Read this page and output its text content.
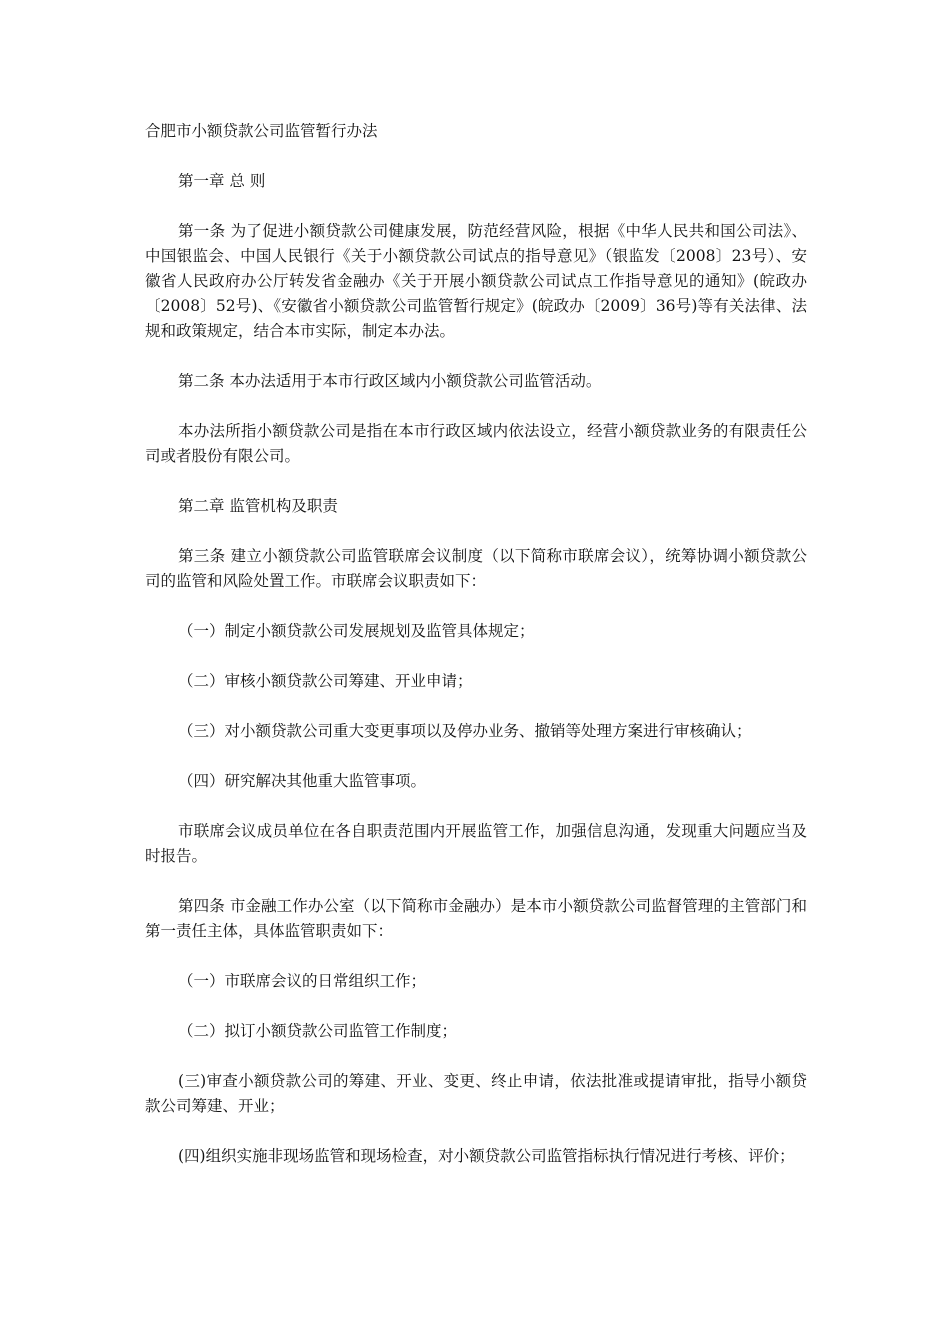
合肥市小额贷款公司监管暂行办法

第一章 总 则

第一条 为了促进小额贷款公司健康发展，防范经营风险，根据《中华人民共和国公司法》、中国银监会、中国人民银行《关于小额贷款公司试点的指导意见》（银监发〔2008〕23号）、安徽省人民政府办公厅转发省金融办《关于开展小额贷款公司试点工作指导意见的通知》(皖政办〔2008〕52号)、《安徽省小额贷款公司监管暂行规定》(皖政办〔2009〕36号)等有关法律、法规和政策规定，结合本市实际，制定本办法。

第二条 本办法适用于本市行政区域内小额贷款公司监管活动。

本办法所指小额贷款公司是指在本市行政区域内依法设立，经营小额贷款业务的有限责任公司或者股份有限公司。

第二章 监管机构及职责

第三条 建立小额贷款公司监管联席会议制度（以下简称市联席会议），统筹协调小额贷款公司的监管和风险处置工作。市联席会议职责如下：

（一）制定小额贷款公司发展规划及监管具体规定；

（二）审核小额贷款公司筹建、开业申请；

（三）对小额贷款公司重大变更事项以及停办业务、撤销等处理方案进行审核确认；

（四）研究解决其他重大监管事项。

市联席会议成员单位在各自职责范围内开展监管工作，加强信息沟通，发现重大问题应当及时报告。

第四条 市金融工作办公室（以下简称市金融办）是本市小额贷款公司监督管理的主管部门和第一责任主体，具体监管职责如下：

（一）市联席会议的日常组织工作；

（二）拟订小额贷款公司监管工作制度；

(三)审查小额贷款公司的筹建、开业、变更、终止申请，依法批准或提请审批，指导小额贷款公司筹建、开业；

(四)组织实施非现场监管和现场检查，对小额贷款公司监管指标执行情况进行考核、评价；
